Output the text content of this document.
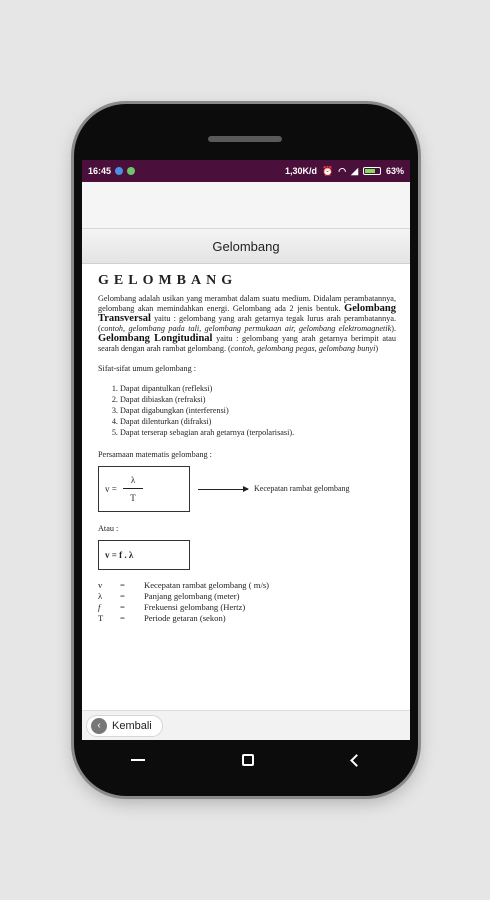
16:45	1,30K/d ⏰ ◠ ◢	63%
Gelombang
GELOMBANG

Gelombang adalah usikan yang merambat dalam suatu medium. Didalam perambatannya, gelombang akan memindahkan energi. Gelombang ada 2 jenis bentuk. Gelombang Transversal yaitu : gelombang yang arah getarnya tegak lurus arah perambatannya. (contoh, gelombang pada tali, gelombang permukaan air, gelombang elektromagnetik). Gelombang Longitudinal yaitu : gelombang yang arah getarnya berimpit atau searah dengan arah rambat gelombang. (contoh, gelombang pegas, gelombang bunyi)

Sifat-sifat umum gelombang :

1. Dapat dipantulkan (refleksi)
2. Dapat dibiaskan (refraksi)
3. Dapat digabungkan (interferensi)
4. Dapat dilenturkan (difraksi)
5. Dapat terserap sebagian arah getarnya (terpolarisasi).

Persamaan matematis gelombang :

$v = \frac{\lambda}{T}$	Kecepatan rambat gelombang

Atau :

v = f . λ
v	=	Kecepatan rambat gelombang ( m/s)
λ	=	Panjang gelombang (meter)
f	=	Frekuensi gelombang (Hertz)
T	=	Periode getaran (sekon)
‹	Kembali
